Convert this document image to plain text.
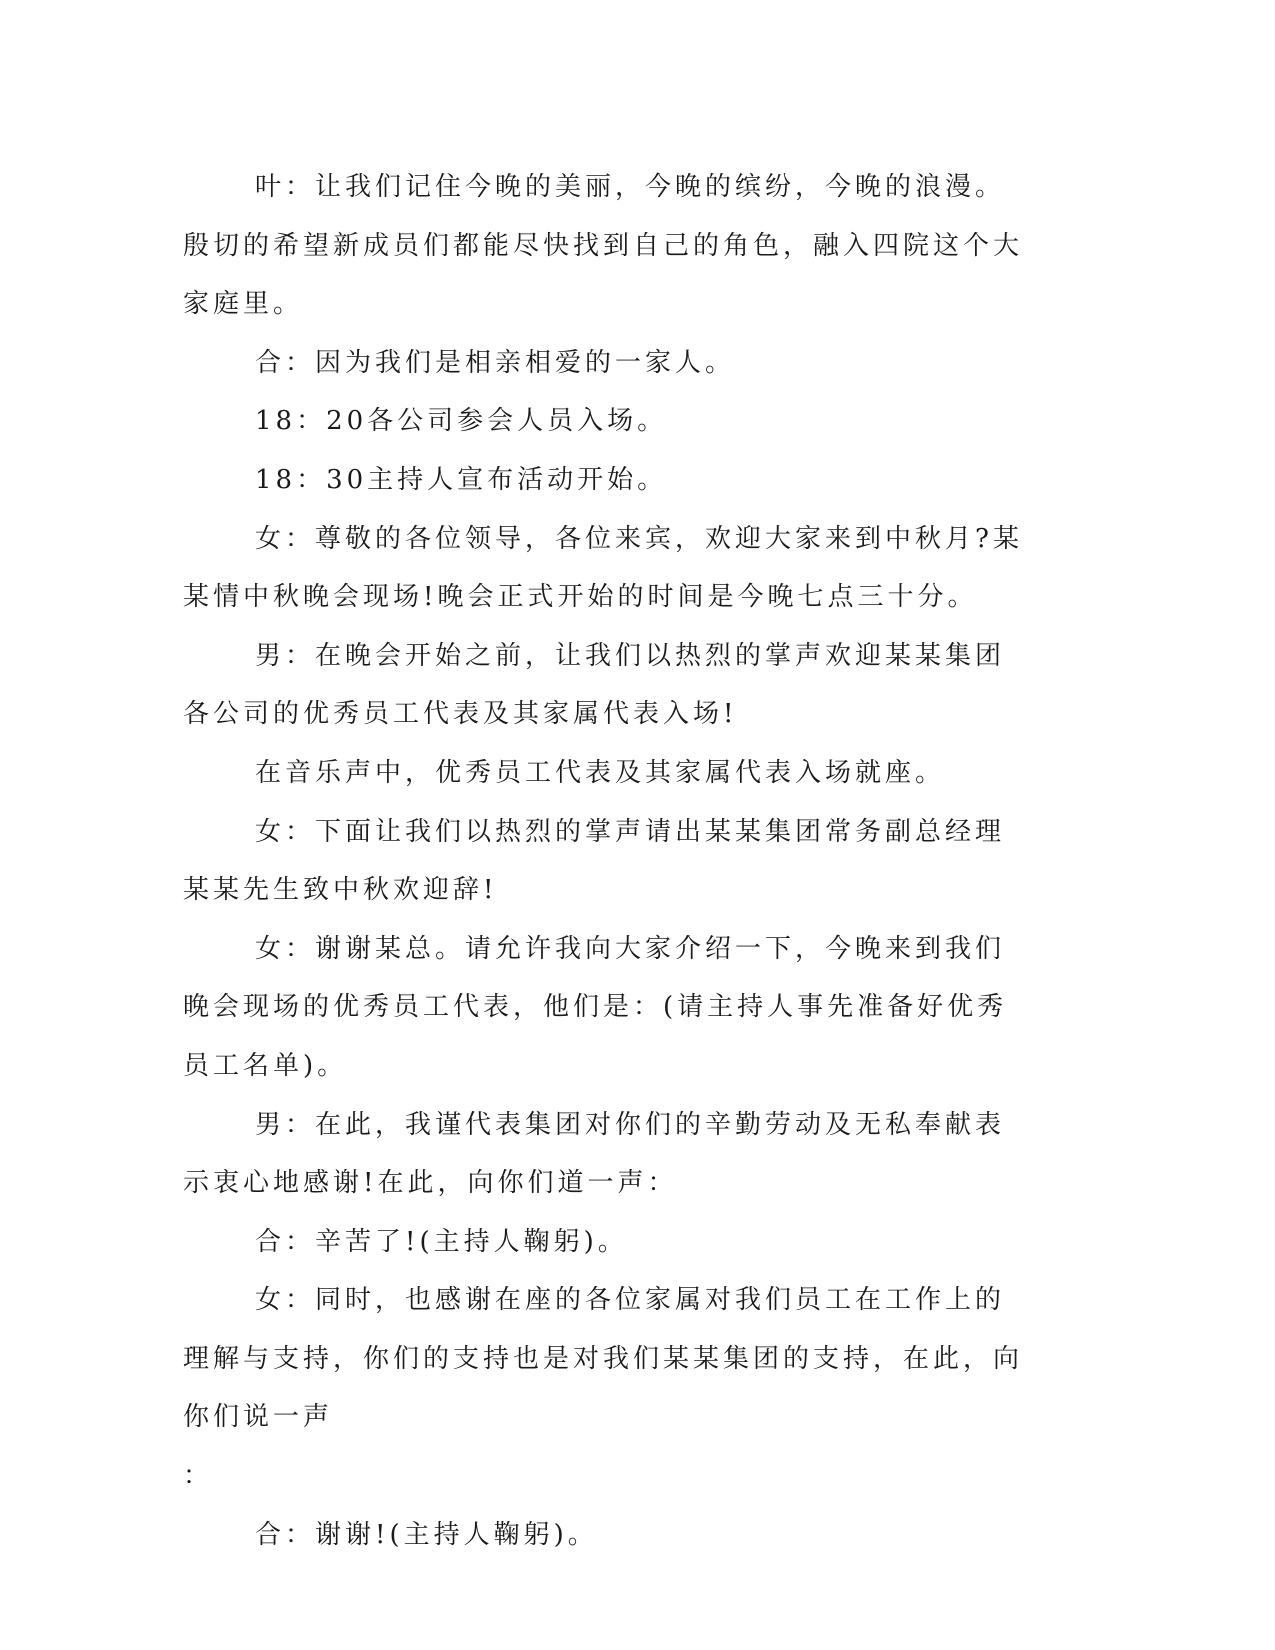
叶：让我们记住今晚的美丽，今晚的缤纷，今晚的浪漫。殷切的希望新成员们都能尽快找到自己的角色，融入四院这个大家庭里。

合：因为我们是相亲相爱的一家人。

18：20各公司参会人员入场。

18：30主持人宣布活动开始。

女：尊敬的各位领导，各位来宾，欢迎大家来到中秋月?某某情中秋晚会现场!晚会正式开始的时间是今晚七点三十分。

男：在晚会开始之前，让我们以热烈的掌声欢迎某某集团各公司的优秀员工代表及其家属代表入场!

在音乐声中，优秀员工代表及其家属代表入场就座。

女：下面让我们以热烈的掌声请出某某集团常务副总经理某某先生致中秋欢迎辞!

女：谢谢某总。请允许我向大家介绍一下，今晚来到我们晚会现场的优秀员工代表，他们是：(请主持人事先准备好优秀员工名单)。

男：在此，我谨代表集团对你们的辛勤劳动及无私奉献表示衷心地感谢!在此，向你们道一声：

合：辛苦了!(主持人鞠躬)。

女：同时，也感谢在座的各位家属对我们员工在工作上的理解与支持，你们的支持也是对我们某某集团的支持，在此，向你们说一声

：

合：谢谢!(主持人鞠躬)。
